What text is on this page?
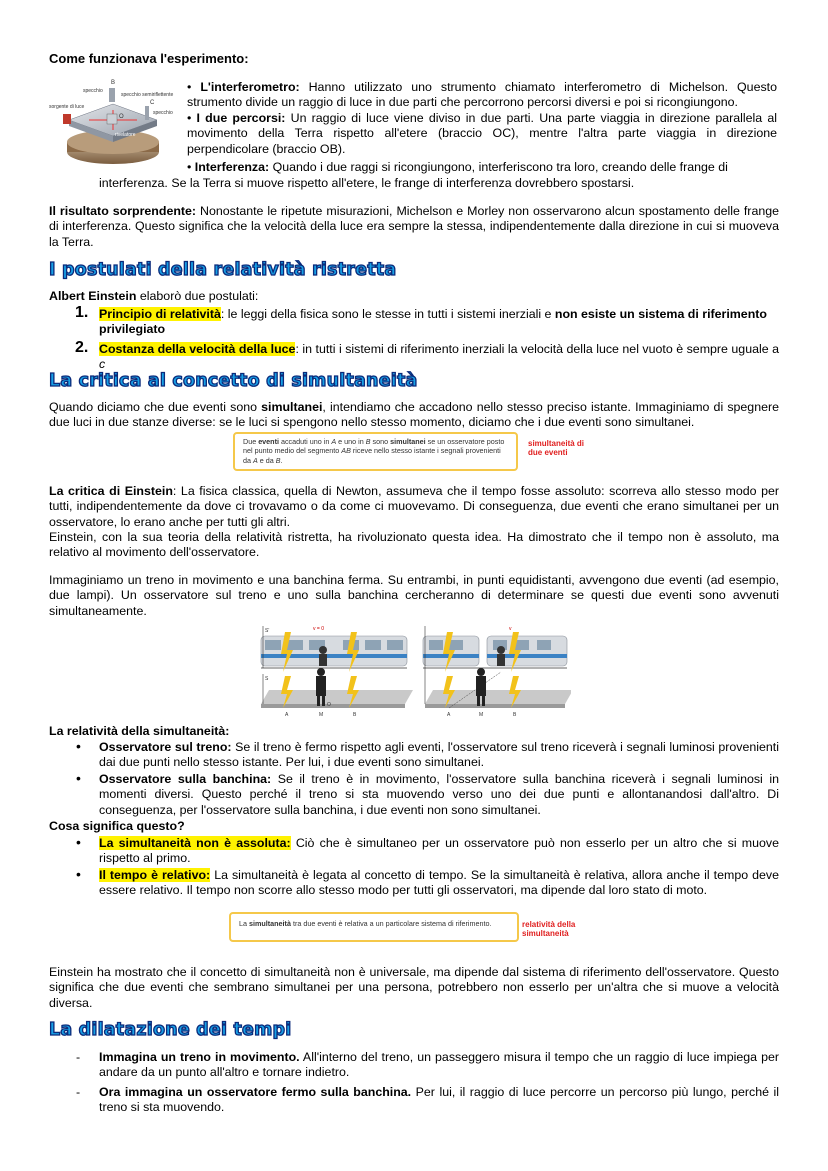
Come funzionava l'esperimento:
B
specchio
specchio semiriflettente
sorgente di luce
specchio
C
O
rivelatore
• L'interferometro: Hanno utilizzato uno strumento chiamato interferometro di Michelson. Questo strumento divide un raggio di luce in due parti che percorrono percorsi diversi e poi si ricongiungono.
• I due percorsi: Un raggio di luce viene diviso in due parti. Una parte viaggia in direzione parallela al movimento della Terra rispetto all'etere (braccio OC), mentre l'altra parte viaggia in direzione perpendicolare (braccio OB).
• Interferenza: Quando i due raggi si ricongiungono, interferiscono tra loro, creando delle frange di
interferenza. Se la Terra si muove rispetto all'etere, le frange di interferenza dovrebbero spostarsi.
Il risultato sorprendente: Nonostante le ripetute misurazioni, Michelson e Morley non osservarono alcun spostamento delle frange di interferenza. Questo significa che la velocità della luce era sempre la stessa, indipendentemente dalla direzione in cui si muoveva la Terra.
I postulati della relatività ristretta
Albert Einstein elaborò due postulati:
1. Principio di relatività: le leggi della fisica sono le stesse in tutti i sistemi inerziali e non esiste un sistema di riferimento privilegiato
2. Costanza della velocità della luce: in tutti i sistemi di riferimento inerziali la velocità della luce nel vuoto è sempre uguale a c
La critica al concetto di simultaneità
Quando diciamo che due eventi sono simultanei, intendiamo che accadono nello stesso preciso istante. Immaginiamo di spegnere due luci in due stanze diverse: se le luci si spengono nello stesso momento, diciamo che i due eventi sono simultanei.
Due eventi accaduti uno in A e uno in B sono simultanei se un osservatore posto nel punto medio del segmento AB riceve nello stesso istante i segnali provenienti da A e da B.
simultaneità di due eventi
La critica di Einstein: La fisica classica, quella di Newton, assumeva che il tempo fosse assoluto: scorreva allo stesso modo per tutti, indipendentemente da dove ci trovavamo o da come ci muovevamo. Di conseguenza, due eventi che erano simultanei per un osservatore, lo erano anche per tutti gli altri.
Einstein, con la sua teoria della relatività ristretta, ha rivoluzionato questa idea. Ha dimostrato che il tempo non è assoluto, ma relativo al movimento dell'osservatore.
Immaginiamo un treno in movimento e una banchina ferma. Su entrambi, in punti equidistanti, avvengono due eventi (ad esempio, due lampi). Un osservatore sul treno e uno sulla banchina cercheranno di determinare se questi due eventi sono avvenuti simultaneamente.
v = 0
S
S'
A	M	B
O
v
A	M	B
La relatività della simultaneità:
• Osservatore sul treno: Se il treno è fermo rispetto agli eventi, l'osservatore sul treno riceverà i segnali luminosi provenienti dai due punti nello stesso istante. Per lui, i due eventi sono simultanei.
• Osservatore sulla banchina: Se il treno è in movimento, l'osservatore sulla banchina riceverà i segnali luminosi in momenti diversi. Questo perché il treno si sta muovendo verso uno dei due punti e allontanandosi dall'altro. Di conseguenza, per l'osservatore sulla banchina, i due eventi non sono simultanei.
Cosa significa questo?
• La simultaneità non è assoluta: Ciò che è simultaneo per un osservatore può non esserlo per un altro che si muove rispetto al primo.
• Il tempo è relativo: La simultaneità è legata al concetto di tempo. Se la simultaneità è relativa, allora anche il tempo deve essere relativo. Il tempo non scorre allo stesso modo per tutti gli osservatori, ma dipende dal loro stato di moto.
La simultaneità tra due eventi è relativa a un particolare sistema di riferimento.	relatività della simultaneità
Einstein ha mostrato che il concetto di simultaneità non è universale, ma dipende dal sistema di riferimento dell'osservatore. Questo significa che due eventi che sembrano simultanei per una persona, potrebbero non esserlo per un'altra che si muove a velocità diversa.
La dilatazione dei tempi
- Immagina un treno in movimento. All'interno del treno, un passeggero misura il tempo che un raggio di luce impiega per andare da un punto all'altro e tornare indietro.
- Ora immagina un osservatore fermo sulla banchina. Per lui, il raggio di luce percorre un percorso più lungo, perché il treno si sta muovendo.
